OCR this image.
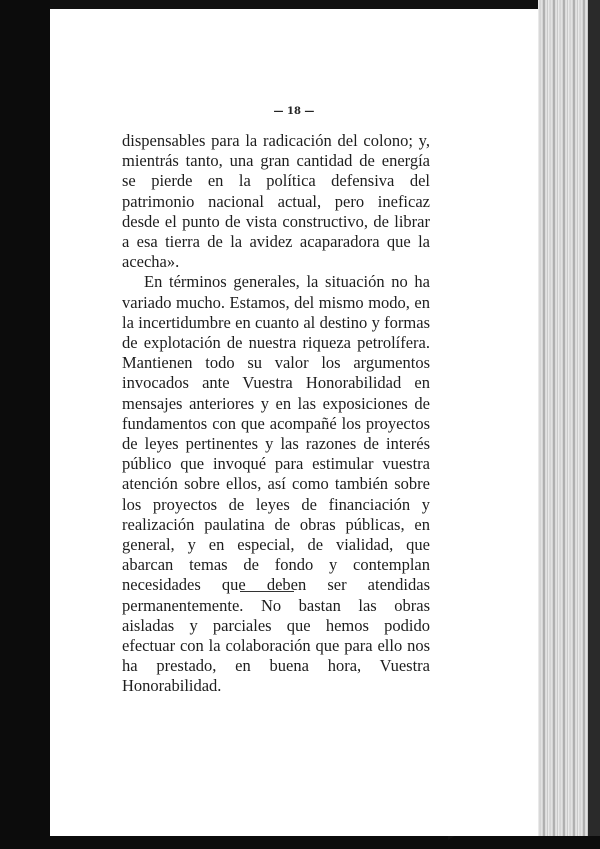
— 18 —

dispensables para la radicación del colono; y, mientrás tanto, una gran cantidad de energía se pierde en la política defensiva del patrimonio nacional actual, pero ineficaz desde el punto de vista constructivo, de librar a esa tierra de la avidez acaparadora que la acecha».

En términos generales, la situación no ha variado mucho. Estamos, del mismo modo, en la incertidumbre en cuanto al destino y formas de explotación de nuestra riqueza petrolífera. Mantienen todo su valor los argumentos invocados ante Vuestra Honorabilidad en mensajes anteriores y en las exposiciones de fundamentos con que acompañé los proyectos de leyes pertinentes y las razones de interés público que invoqué para estimular vuestra atención sobre ellos, así como también sobre los proyectos de leyes de financiación y realización paulatina de obras públicas, en general, y en especial, de vialidad, que abarcan temas de fondo y contemplan necesidades que deben ser atendidas permanentemente. No bastan las obras aisladas y parciales que hemos podido efectuar con la colaboración que para ello nos ha prestado, en buena hora, Vuestra Honorabilidad.
